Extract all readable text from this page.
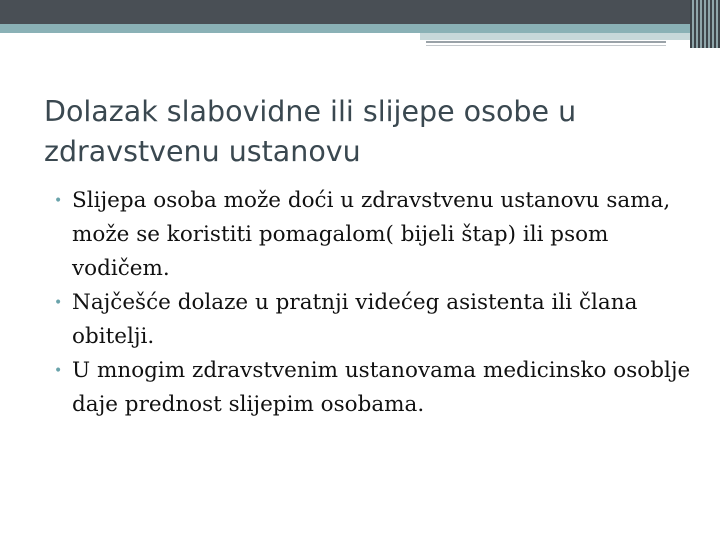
Dolazak slabovidne ili slijepe osobe u zdravstvenu ustanovu
• Slijepa osoba može doći u zdravstvenu ustanovu sama, može se koristiti pomagalom( bijeli štap) ili psom vodičem.
• Najčešće dolaze u pratnji videćeg asistenta ili člana obitelji.
• U mnogim zdravstvenim ustanovama medicinsko osoblje daje prednost slijepim osobama.
